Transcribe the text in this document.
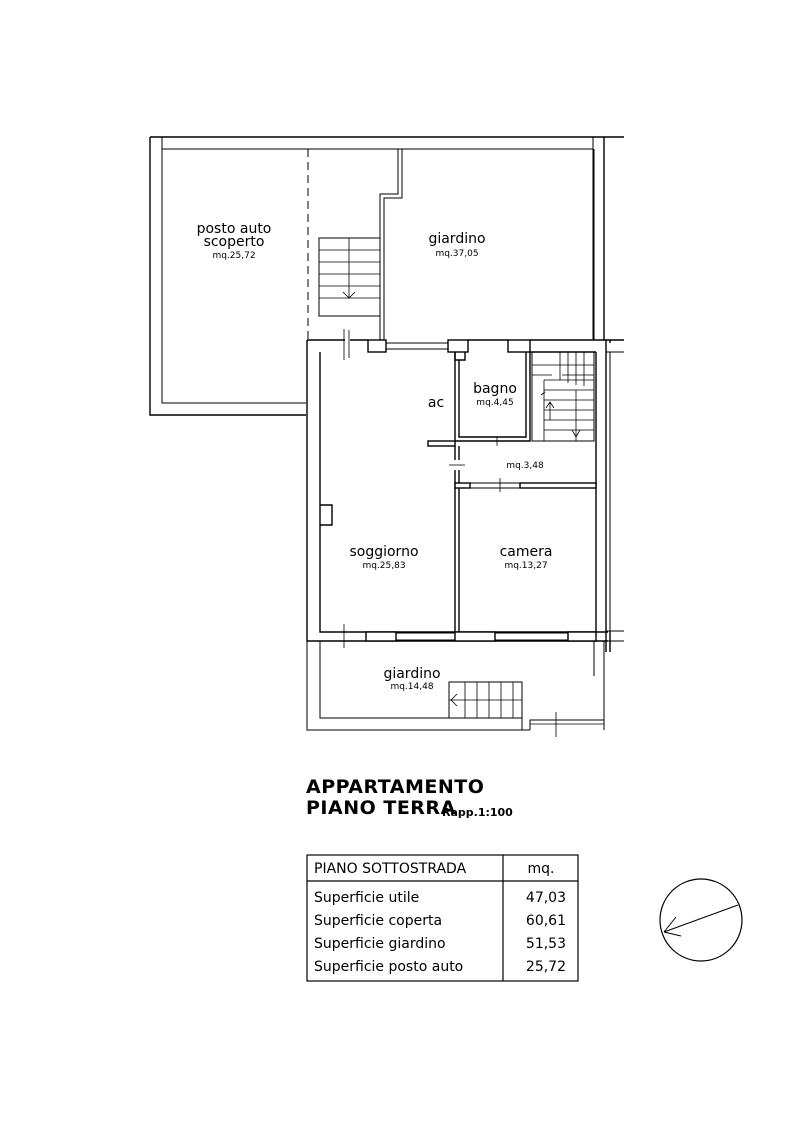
posto auto
scoperto
mq.25,72
giardino
mq.37,05
ac
bagno
mq.4,45
mq.3,48
soggiorno
mq.25,83
camera
mq.13,27
giardino
mq.14,48
APPARTAMENTO
PIANO TERRA
Rapp.1:100
PIANO SOTTOSTRADA	mq.
Superficie utile	47,03
Superficie coperta	60,61
Superficie giardino	51,53
Superficie posto auto	25,72
